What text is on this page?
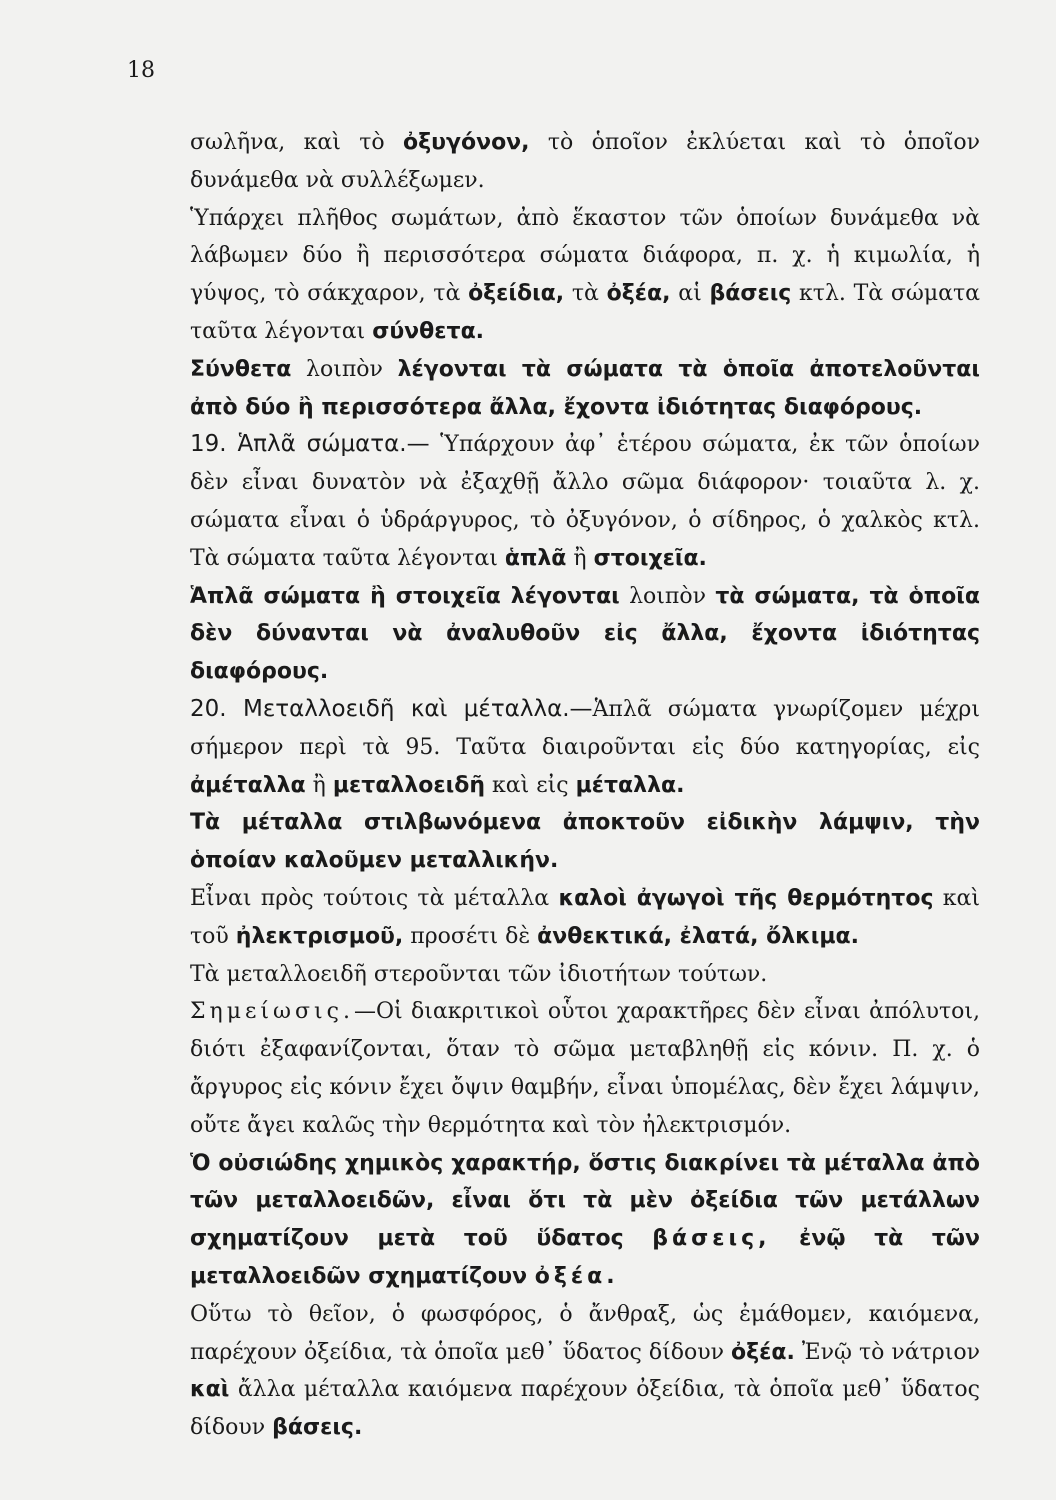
18

σωλῆνα, καὶ τὸ ὀξυγόνον, τὸ ὁποῖον ἐκλύεται καὶ τὸ ὁποῖον δυνάμεθα νὰ συλλέξωμεν.

Ὑπάρχει πλῆθος σωμάτων, ἀπὸ ἕκαστον τῶν ὁποίων δυνάμεθα νὰ λάβωμεν δύο ἢ περισσότερα σώματα διάφορα, π. χ. ἡ κιμωλία, ἡ γύψος, τὸ σάκχαρον, τὰ ὀξείδια, τὰ ὀξέα, αἱ βάσεις κτλ. Τὰ σώματα ταῦτα λέγονται σύνθετα.

Σύνθετα λοιπὸν λέγονται τὰ σώματα τὰ ὁποῖα ἀποτελοῦνται ἀπὸ δύο ἢ περισσότερα ἄλλα, ἔχοντα ἰδιότητας διαφόρους.

19. Ἁπλᾶ σώματα.— Ὑπάρχουν ἀφ᾽ ἑτέρου σώματα, ἐκ τῶν ὁποίων δὲν εἶναι δυνατὸν νὰ ἐξαχθῇ ἄλλο σῶμα διάφορον· τοιαῦτα λ. χ. σώματα εἶναι ὁ ὑδράργυρος, τὸ ὀξυγόνον, ὁ σίδηρος, ὁ χαλκὸς κτλ. Τὰ σώματα ταῦτα λέγονται ἁπλᾶ ἢ στοιχεῖα.

Ἁπλᾶ σώματα ἢ στοιχεῖα λέγονται λοιπὸν τὰ σώματα, τὰ ὁποῖα δὲν δύνανται νὰ ἀναλυθοῦν εἰς ἄλλα, ἔχοντα ἰδιότητας διαφόρους.

20. Μεταλλοειδῆ καὶ μέταλλα.—Ἁπλᾶ σώματα γνωρίζομεν μέχρι σήμερον περὶ τὰ 95. Ταῦτα διαιροῦνται εἰς δύο κατηγορίας, εἰς ἀμέταλλα ἢ μεταλλοειδῆ καὶ εἰς μέταλλα.

Τὰ μέταλλα στιλβωνόμενα ἀποκτοῦν εἰδικὴν λάμψιν, τὴν ὁποίαν καλοῦμεν μεταλλικήν.

Εἶναι πρὸς τούτοις τὰ μέταλλα καλοὶ ἀγωγοὶ τῆς θερμότητος καὶ τοῦ ἠλεκτρισμοῦ, προσέτι δὲ ἀνθεκτικά, ἐλατά, ὄλκιμα.

Τὰ μεταλλοειδῆ στεροῦνται τῶν ἰδιοτήτων τούτων.

Σημείωσις.—Οἱ διακριτικοὶ οὗτοι χαρακτῆρες δὲν εἶναι ἀπόλυτοι, διότι ἐξαφανίζονται, ὅταν τὸ σῶμα μεταβληθῇ εἰς κόνιν. Π. χ. ὁ ἄργυρος εἰς κόνιν ἔχει ὄψιν θαμβήν, εἶναι ὑπομέλας, δὲν ἔχει λάμψιν, οὔτε ἄγει καλῶς τὴν θερμότητα καὶ τὸν ἠλεκτρισμόν.

Ὁ οὐσιώδης χημικὸς χαρακτήρ, ὅστις διακρίνει τὰ μέταλλα ἀπὸ τῶν μεταλλοειδῶν, εἶναι ὅτι τὰ μὲν ὀξείδια τῶν μετάλλων σχηματίζουν μετὰ τοῦ ὕδατος βάσεις, ἐνῷ τὰ τῶν μεταλλοειδῶν σχηματίζουν ὀξέα.

Οὕτω τὸ θεῖον, ὁ φωσφόρος, ὁ ἄνθραξ, ὡς ἐμάθομεν, καιόμενα, παρέχουν ὀξείδια, τὰ ὁποῖα μεθ᾽ ὕδατος δίδουν ὀξέα. Ἐνῷ τὸ νάτριον καὶ ἄλλα μέταλλα καιόμενα παρέχουν ὀξείδια, τὰ ὁποῖα μεθ᾽ ὕδατος δίδουν βάσεις.
